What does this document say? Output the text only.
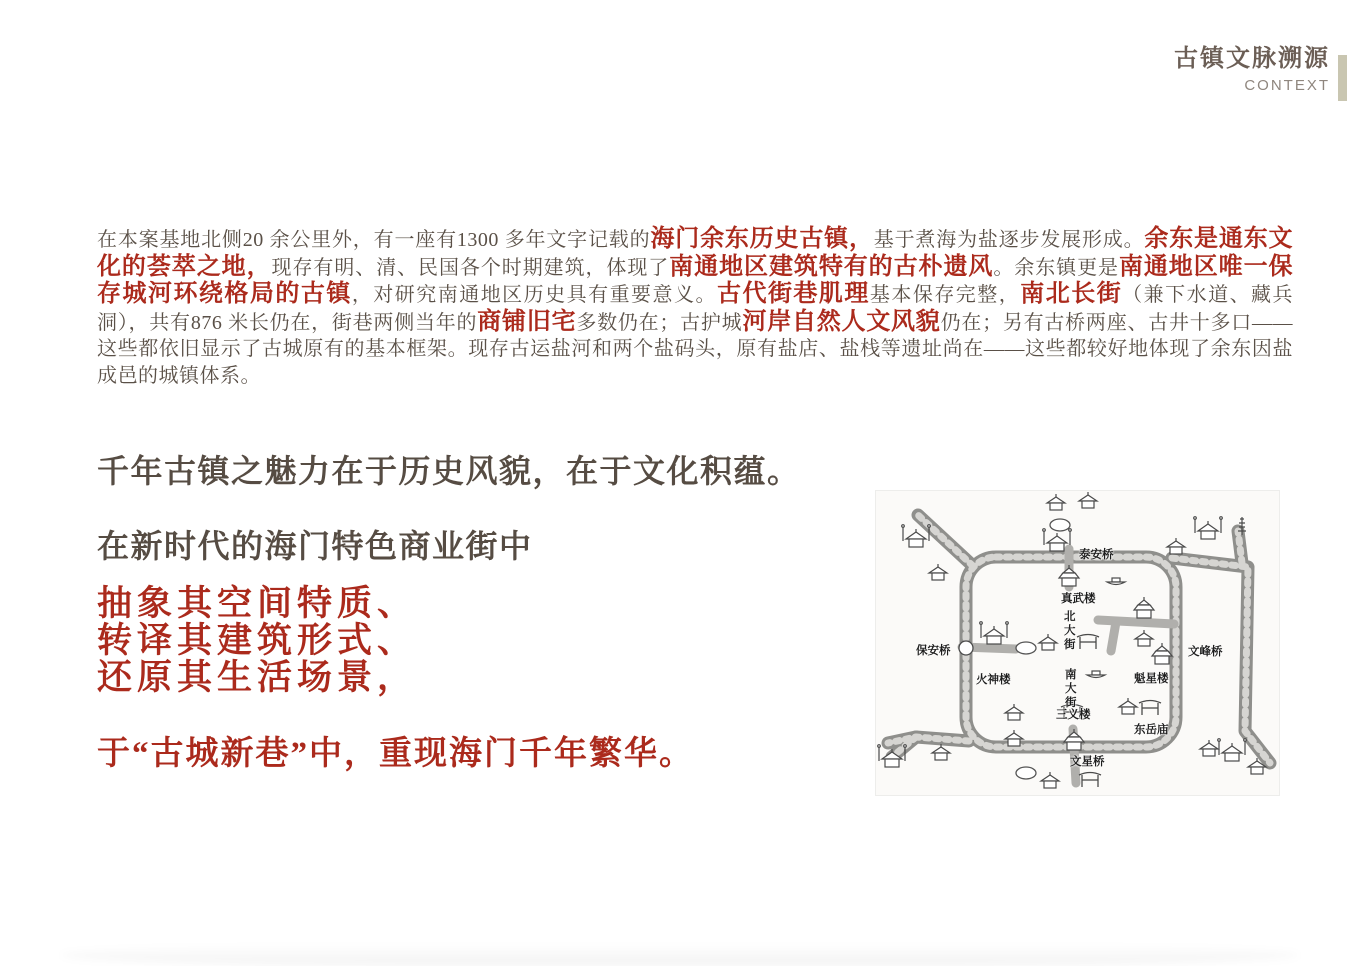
古镇文脉溯源
CONTEXT
在本案基地北侧20 余公里外，有一座有1300 多年文字记载的海门余东历史古镇，基于煮海为盐逐步发展形成。余东是通东文化的荟萃之地，现存有明、清、民国各个时期建筑，体现了南通地区建筑特有的古朴遗风。余东镇更是南通地区唯一保存城河环绕格局的古镇，对研究南通地区历史具有重要意义。古代街巷肌理基本保存完整，南北长街（兼下水道、藏兵洞），共有876 米长仍在，街巷两侧当年的商铺旧宅多数仍在；古护城河岸自然人文风貌仍在；另有古桥两座、古井十多口——这些都依旧显示了古城原有的基本框架。现存古运盐河和两个盐码头，原有盐店、盐栈等遗址尚在——这些都较好地体现了余东因盐成邑的城镇体系。
千年古镇之魅力在于历史风貌，在于文化积蕴。
在新时代的海门特色商业街中
抽象其空间特质、
转译其建筑形式、
还原其生活场景，
于“古城新巷”中，重现海门千年繁华。
泰安桥
真武楼
北大街
南大街
保安桥
火神楼
文峰桥
魁星楼
三义楼
东岳庙
文星桥
